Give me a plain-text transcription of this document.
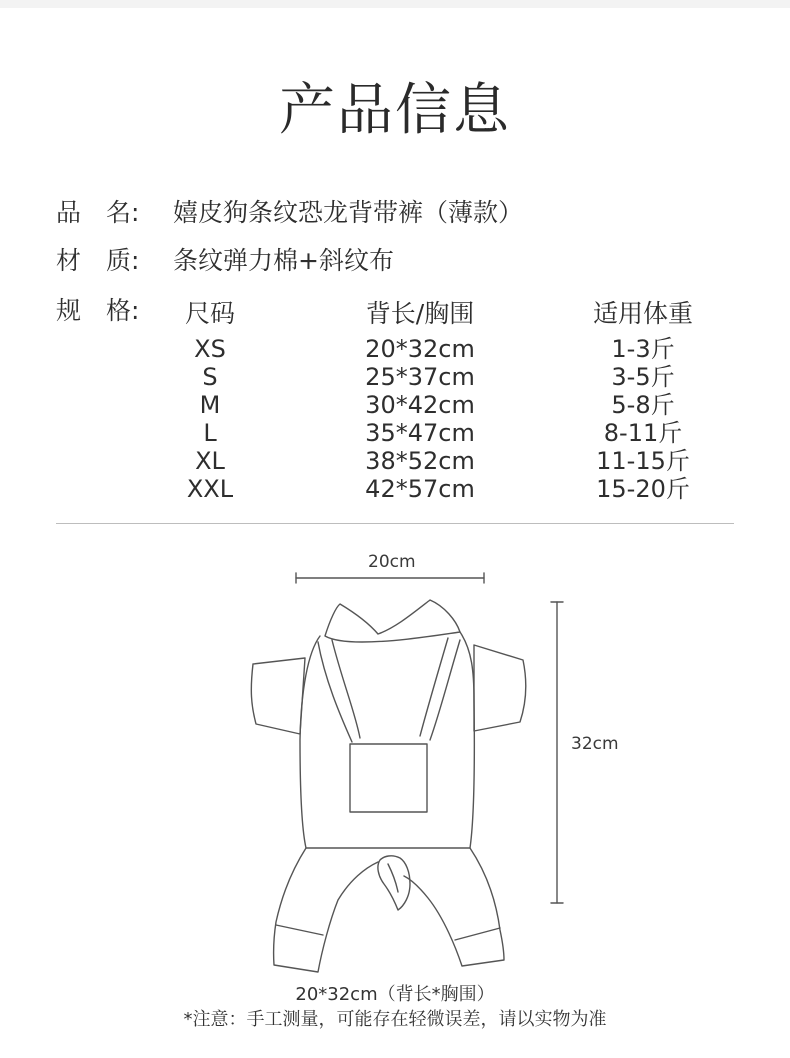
产品信息
品　名: 嬉皮狗条纹恐龙背带裤（薄款）
材　质: 条纹弹力棉+斜纹布
规　格:	尺码	背长/胸围	适用体重
XS	20*32cm	1-3斤
S	25*37cm	3-5斤
M	30*42cm	5-8斤
L	35*47cm	8-11斤
XL	38*52cm	11-15斤
XXL	42*57cm	15-20斤
20cm
32cm
20*32cm（背长*胸围）
*注意：手工测量，可能存在轻微误差，请以实物为准
